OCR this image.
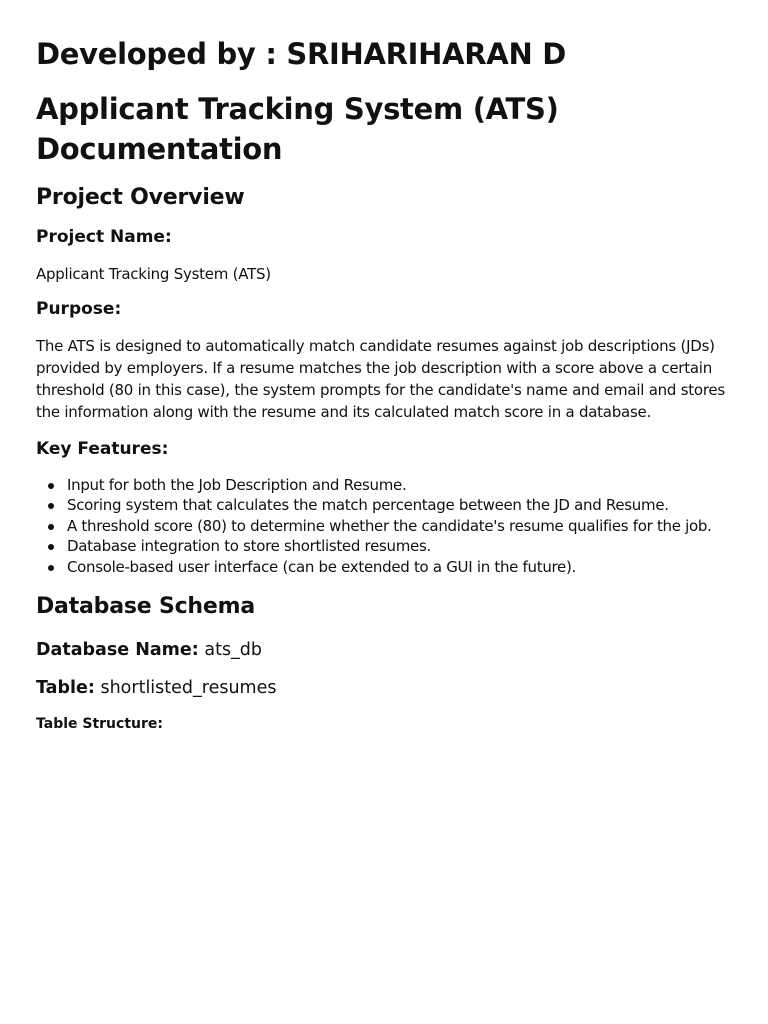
Developed by : SRIHARIHARAN D
Applicant Tracking System (ATS) Documentation
Project Overview
Project Name:

Applicant Tracking System (ATS)

Purpose:

The ATS is designed to automatically match candidate resumes against job descriptions (JDs) provided by employers. If a resume matches the job description with a score above a certain threshold (80 in this case), the system prompts for the candidate's name and email and stores the information along with the resume and its calculated match score in a database.

Key Features:
Input for both the Job Description and Resume.
Scoring system that calculates the match percentage between the JD and Resume.
A threshold score (80) to determine whether the candidate's resume qualifies for the job.
Database integration to store shortlisted resumes.
Console-based user interface (can be extended to a GUI in the future).
Database Schema

Database Name: ats_db

Table: shortlisted_resumes

Table Structure:
